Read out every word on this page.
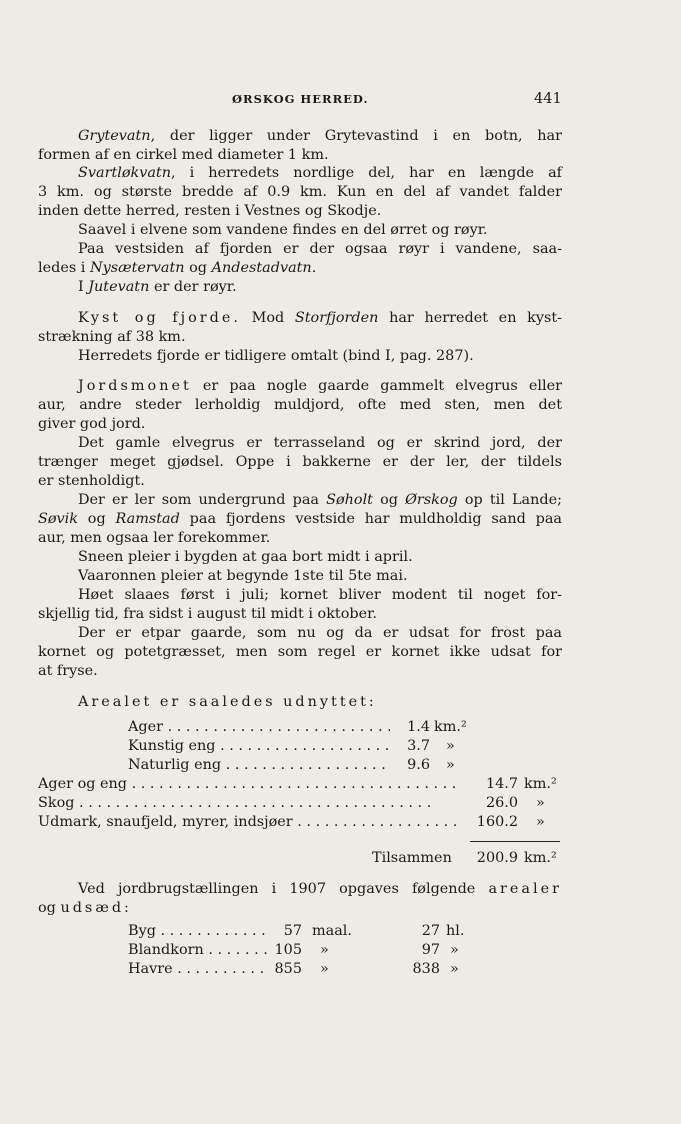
ØRSKOG HERRED.	441
Grytevatn, der ligger under Grytevastind i en botn, har
formen af en cirkel med diameter 1 km.
Svartløkvatn, i herredets nordlige del, har en længde af
3 km. og største bredde af 0.9 km. Kun en del af vandet falder
inden dette herred, resten i Vestnes og Skodje.
Saavel i elvene som vandene findes en del ørret og røyr.
Paa vestsiden af fjorden er der ogsaa røyr i vandene, saa-
ledes i Nysætervatn og Andestadvatn.
I Jutevatn er der røyr.
Kyst og fjorde. Mod Storfjorden har herredet en kyst-
strækning af 38 km.
Herredets fjorde er tidligere omtalt (bind I, pag. 287).
Jordsmonet er paa nogle gaarde gammelt elvegrus eller
aur, andre steder lerholdig muldjord, ofte med sten, men det
giver god jord.
Det gamle elvegrus er terrasseland og er skrind jord, der
trænger meget gjødsel. Oppe i bakkerne er der ler, der tildels
er stenholdigt.
Der er ler som undergrund paa Søholt og Ørskog op til Lande;
Søvik og Ramstad paa fjordens vestside har muldholdig sand paa
aur, men ogsaa ler forekommer.
Sneen pleier i bygden at gaa bort midt i april.
Vaaronnen pleier at begynde 1ste til 5te mai.
Høet slaaes først i juli; kornet bliver modent til noget for-
skjellig tid, fra sidst i august til midt i oktober.
Der er etpar gaarde, som nu og da er udsat for frost paa
kornet og potetgræsset, men som regel er kornet ikke udsat for
at fryse.
Arealet er saaledes udnyttet:
Ager . . .	1.4 km.²
Kunstig eng . . .	3.7 »
Naturlig eng . . .	9.6 »
Ager og eng . . .	14.7 km.²
Skog . . .	26.0 »
Udmark, snaufjeld, myrer, indsjøer . . .	160.2 »
Tilsammen	200.9 km.²
Ved jordbrugstællingen i 1907 opgaves følgende arealer
og udsæd:
Byg . . .	57 maal.	27 hl.
Blandkorn . . .	105 »	97 »
Havre . . .	855 »	838 »
